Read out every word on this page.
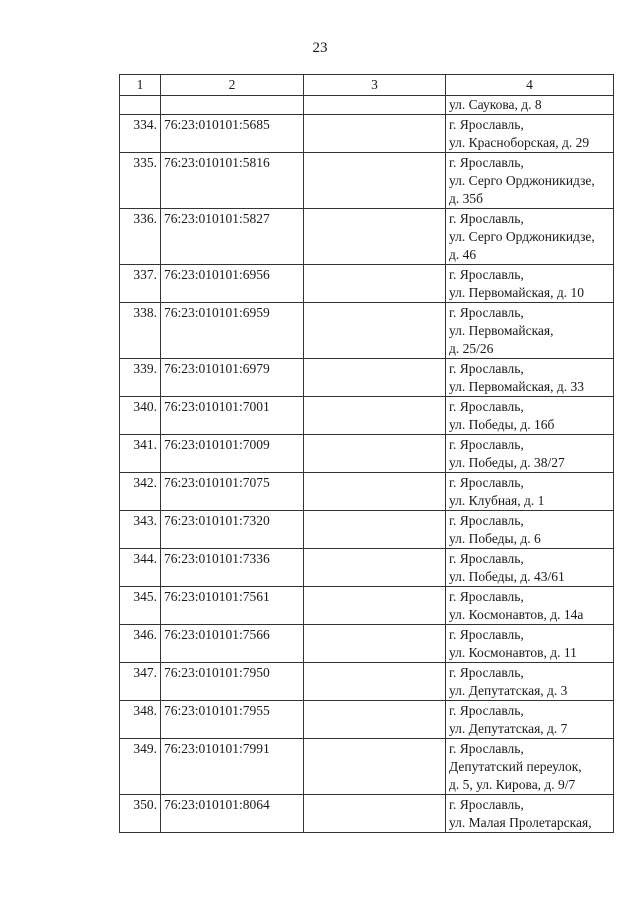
23
1	2	3	4

			ул. Саукова, д. 8

334.	76:23:010101:5685		г. Ярославль,
ул. Красноборская, д. 29

335.	76:23:010101:5816		г. Ярославль,
ул. Серго Орджоникидзе,
д. 35б

336.	76:23:010101:5827		г. Ярославль,
ул. Серго Орджоникидзе,
д. 46

337.	76:23:010101:6956		г. Ярославль,
ул. Первомайская, д. 10

338.	76:23:010101:6959		г. Ярославль,
ул. Первомайская,
д. 25/26

339.	76:23:010101:6979		г. Ярославль,
ул. Первомайская, д. 33

340.	76:23:010101:7001		г. Ярославль,
ул. Победы, д. 16б

341.	76:23:010101:7009		г. Ярославль,
ул. Победы, д. 38/27

342.	76:23:010101:7075		г. Ярославль,
ул. Клубная, д. 1

343.	76:23:010101:7320		г. Ярославль,
ул. Победы, д. 6

344.	76:23:010101:7336		г. Ярославль,
ул. Победы, д. 43/61

345.	76:23:010101:7561		г. Ярославль,
ул. Космонавтов, д. 14а

346.	76:23:010101:7566		г. Ярославль,
ул. Космонавтов, д. 11

347.	76:23:010101:7950		г. Ярославль,
ул. Депутатская, д. 3

348.	76:23:010101:7955		г. Ярославль,
ул. Депутатская, д. 7

349.	76:23:010101:7991		г. Ярославль,
Депутатский переулок,
д. 5, ул. Кирова, д. 9/7

350.	76:23:010101:8064		г. Ярославль,
ул. Малая Пролетарская,
